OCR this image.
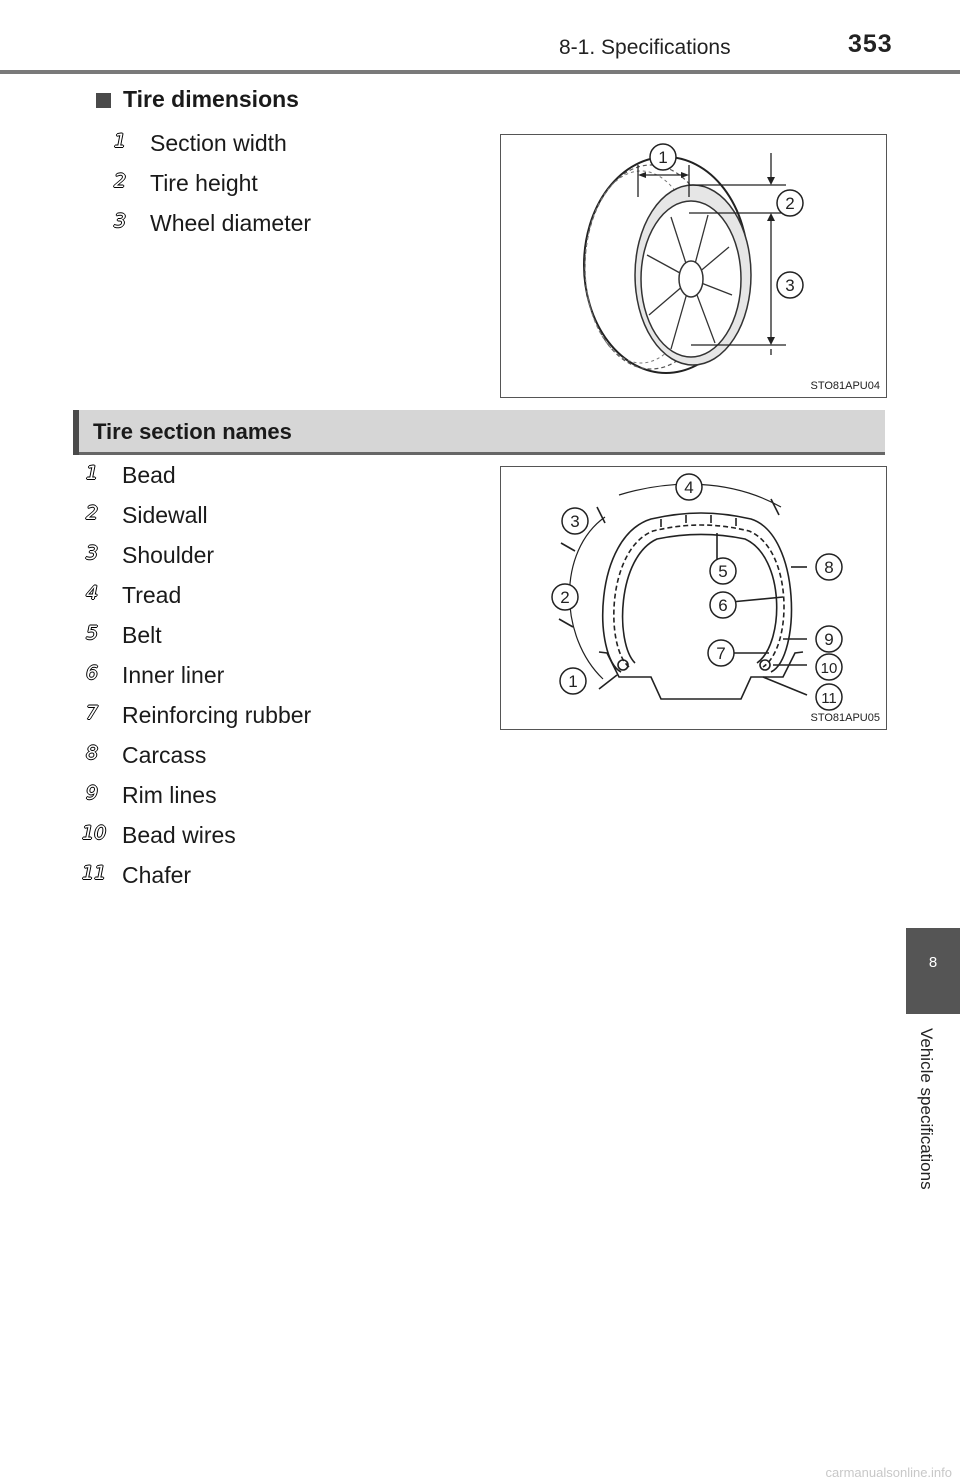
8-1. Specifications	353
Tire dimensions
1 Section width
2 Tire height
3 Wheel diameter
1
2
3
STO81APU04
Tire section names
1 Bead
2 Sidewall
3 Shoulder
4 Tread
5 Belt
6 Inner liner
7 Reinforcing rubber
8 Carcass
9 Rim lines
10 Bead wires
11 Chafer
1
2
3
4
5
6
7
8
9
10
11
STO81APU05
8
Vehicle specifications
carmanualsonline.info
